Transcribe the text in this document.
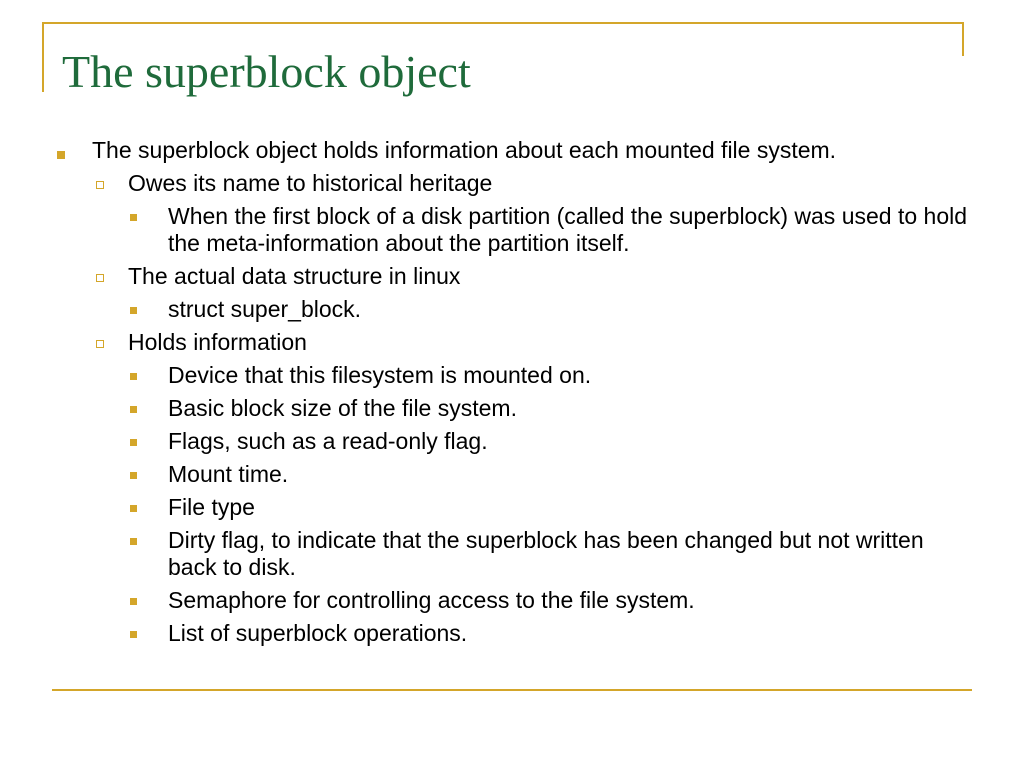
The superblock object
The superblock object holds information about each mounted file system.
Owes its name to historical heritage
When the first block of a disk partition (called the superblock) was used to hold the meta-information about the partition itself.
The actual data structure in linux
struct super_block.
Holds information
Device that this filesystem is mounted on.
Basic block size of the file system.
Flags, such as a read-only flag.
Mount time.
File type
Dirty flag, to indicate that the superblock has been changed but not written back to disk.
Semaphore for controlling access to the file system.
List of superblock operations.
